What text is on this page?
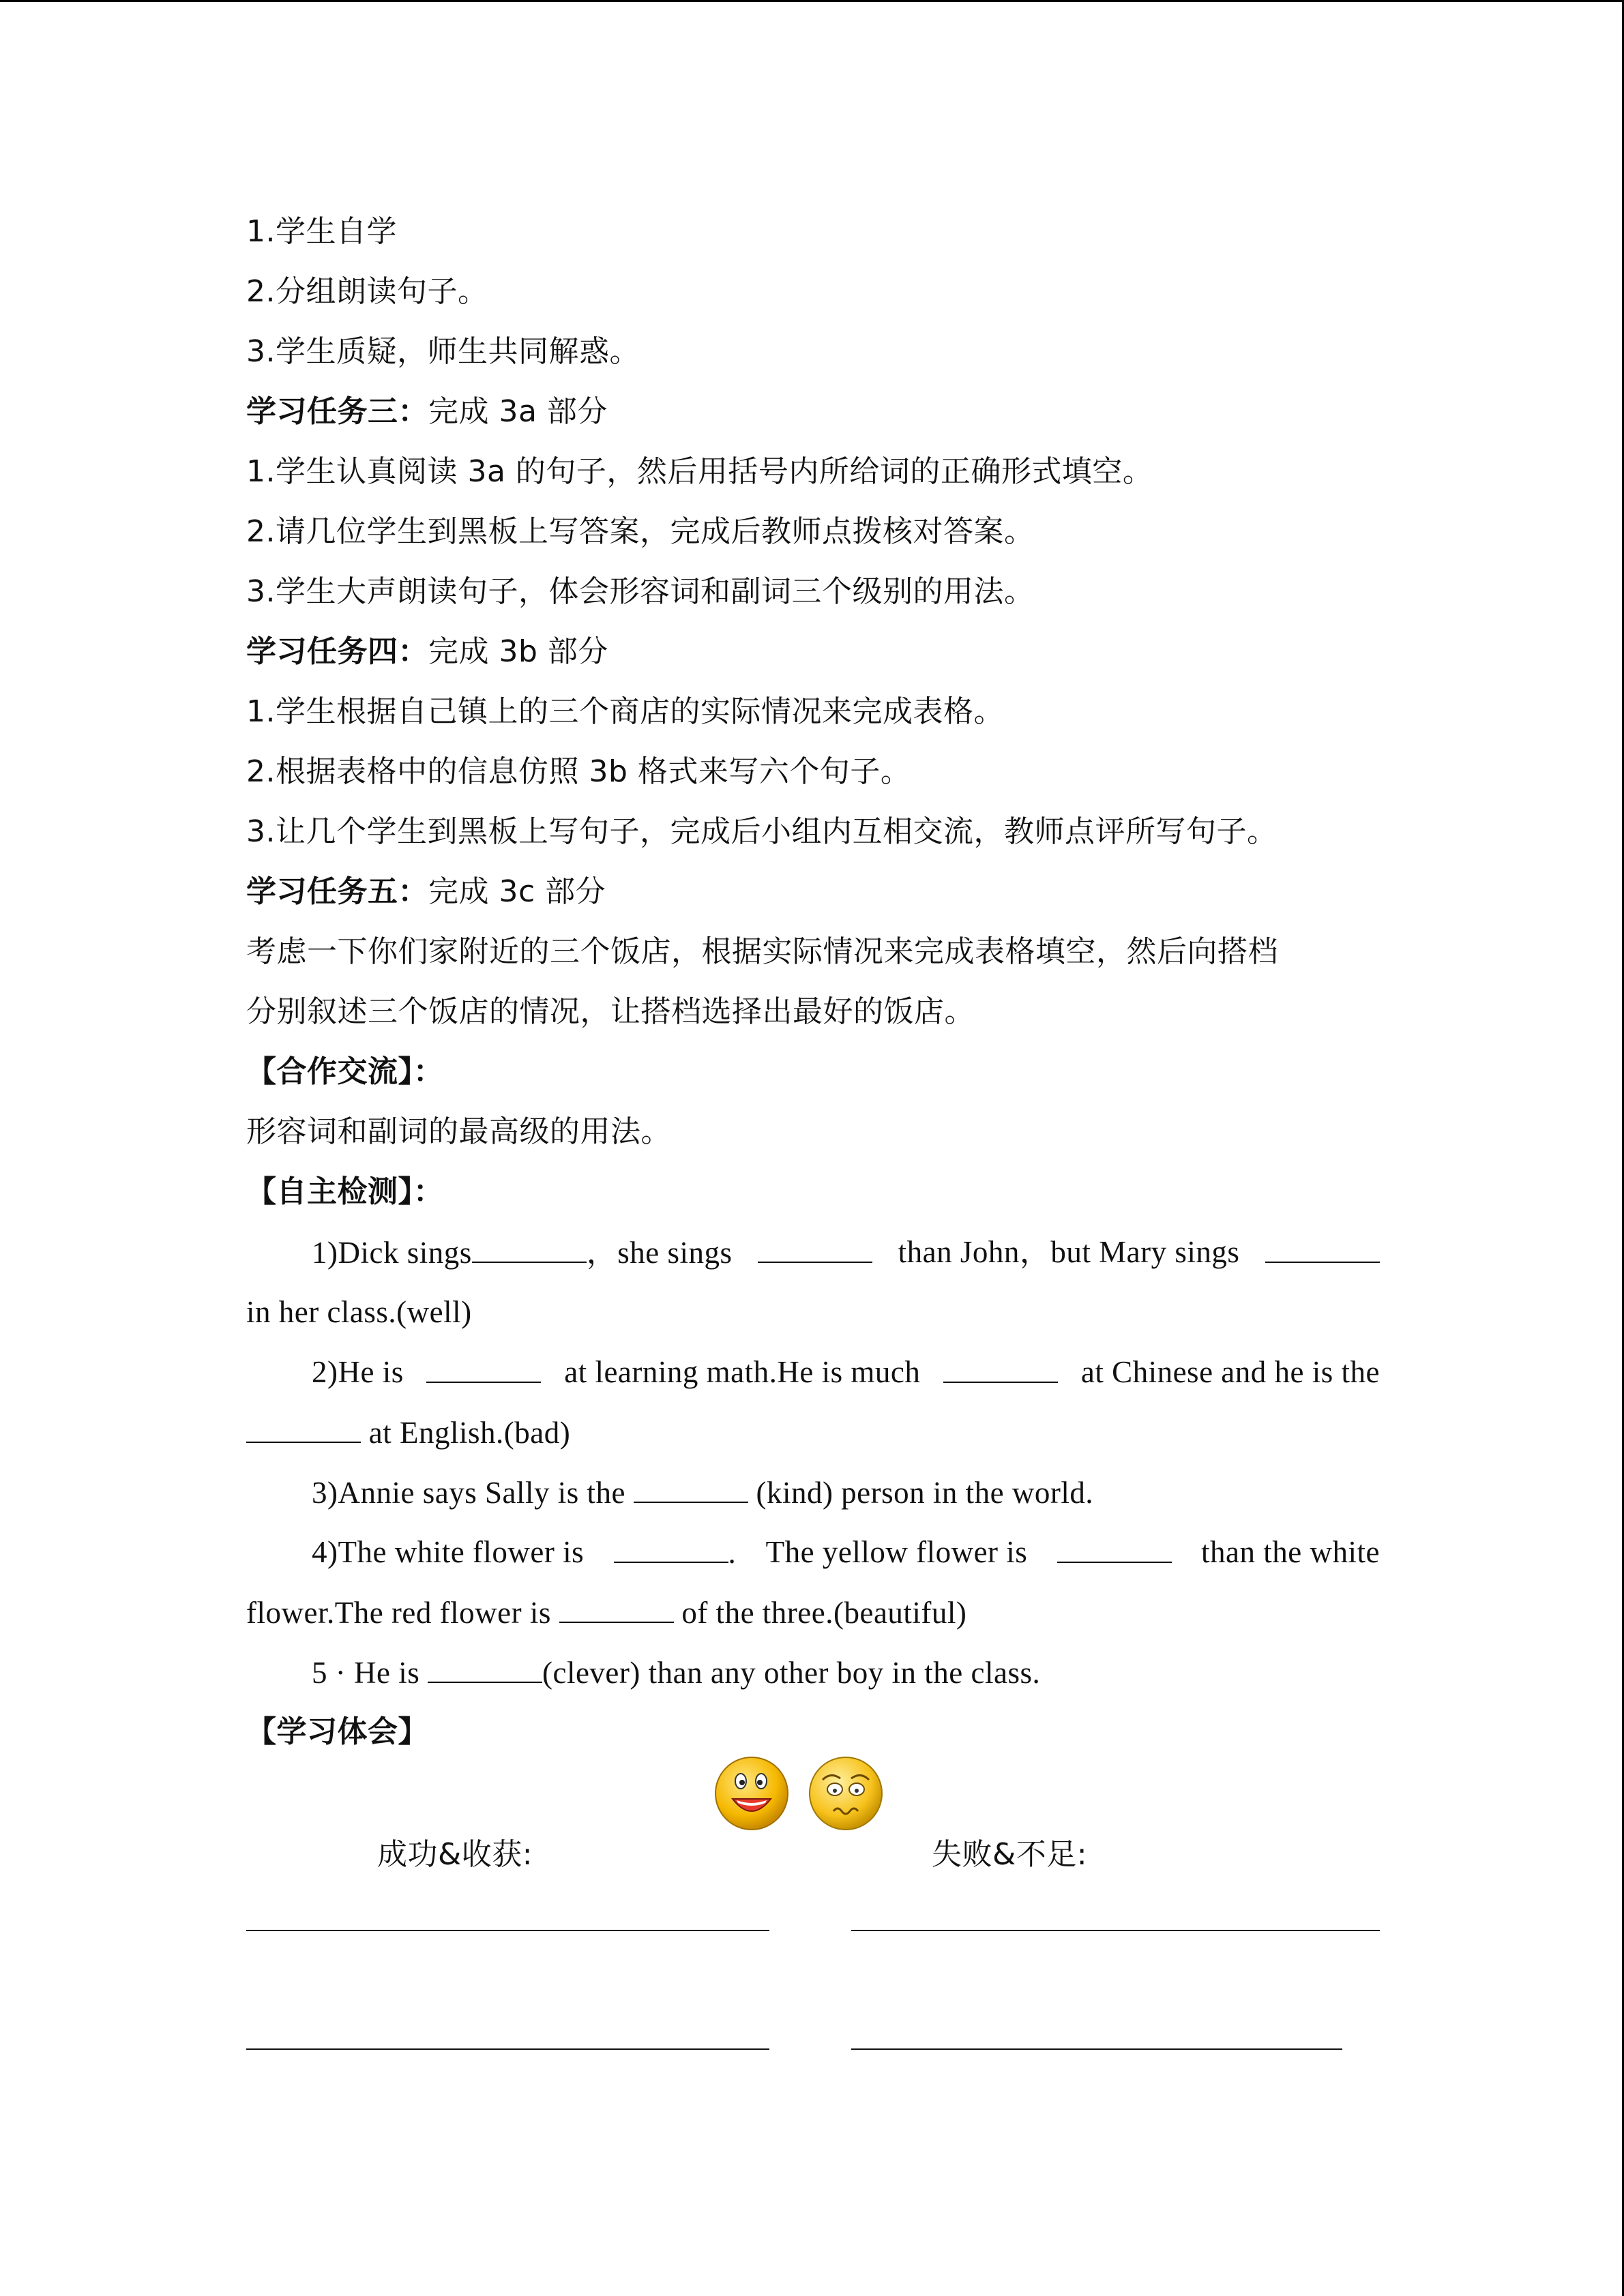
1.学生自学
2.分组朗读句子。
3.学生质疑，师生共同解惑。
学习任务三：完成 3a 部分
1.学生认真阅读 3a 的句子，然后用括号内所给词的正确形式填空。
2.请几位学生到黑板上写答案，完成后教师点拨核对答案。
3.学生大声朗读句子，体会形容词和副词三个级别的用法。
学习任务四：完成 3b 部分
1.学生根据自己镇上的三个商店的实际情况来完成表格。
2.根据表格中的信息仿照 3b 格式来写六个句子。
3.让几个学生到黑板上写句子，完成后小组内互相交流，教师点评所写句子。
学习任务五：完成 3c 部分
考虑一下你们家附近的三个饭店，根据实际情况来完成表格填空，然后向搭档
分别叙述三个饭店的情况，让搭档选择出最好的饭店。
【合作交流】：
形容词和副词的最高级的用法。
【自主检测】：
1)Dick sings	，she sings	than John，but Mary sings
in her class.(well)
2)He is	at learning math.He is much	at Chinese and he is the
at English.(bad)
3)Annie says Sally is the	(kind) person in the world.
4)The white flower is	. The yellow flower is	than the white
flower.The red flower is	of the three.(beautiful)
5 · He is	(clever) than any other boy in the class.
【学习体会】
成功&收获:	失败&不足:
